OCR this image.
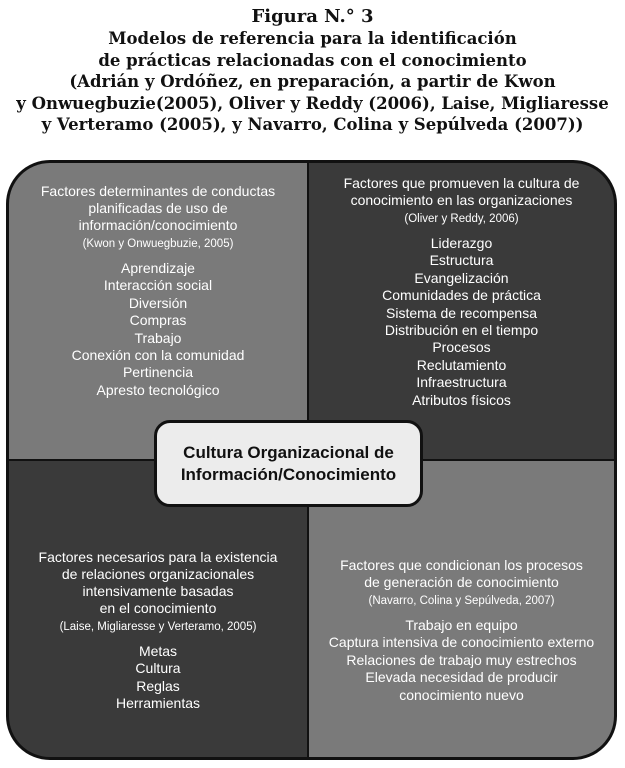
Figura N.° 3
Modelos de referencia para la identificación
de prácticas relacionadas con el conocimiento
(Adrián y Ordóñez, en preparación, a partir de Kwon
y Onwuegbuzie(2005), Oliver y Reddy (2006), Laise, Migliaresse
y Verteramo (2005), y Navarro, Colina y Sepúlveda (2007))
Factores determinantes de conductas
planificadas de uso de
información/conocimiento
(Kwon y Onwuegbuzie, 2005)
Aprendizaje
Interacción social
Diversión
Compras
Trabajo
Conexión con la comunidad
Pertinencia
Apresto tecnológico
Factores que promueven la cultura de
conocimiento en las organizaciones
(Oliver y Reddy, 2006)
Liderazgo
Estructura
Evangelización
Comunidades de práctica
Sistema de recompensa
Distribución en el tiempo
Procesos
Reclutamiento
Infraestructura
Atributos físicos
Factores necesarios para la existencia
de relaciones organizacionales
intensivamente basadas
en el conocimiento
(Laise, Migliaresse y Verteramo, 2005)
Metas
Cultura
Reglas
Herramientas
Factores que condicionan los procesos
de generación de conocimiento
(Navarro, Colina y Sepúlveda, 2007)
Trabajo en equipo
Captura intensiva de conocimiento externo
Relaciones de trabajo muy estrechos
Elevada necesidad de producir
conocimiento nuevo
Cultura Organizacional de
Información/Conocimiento
